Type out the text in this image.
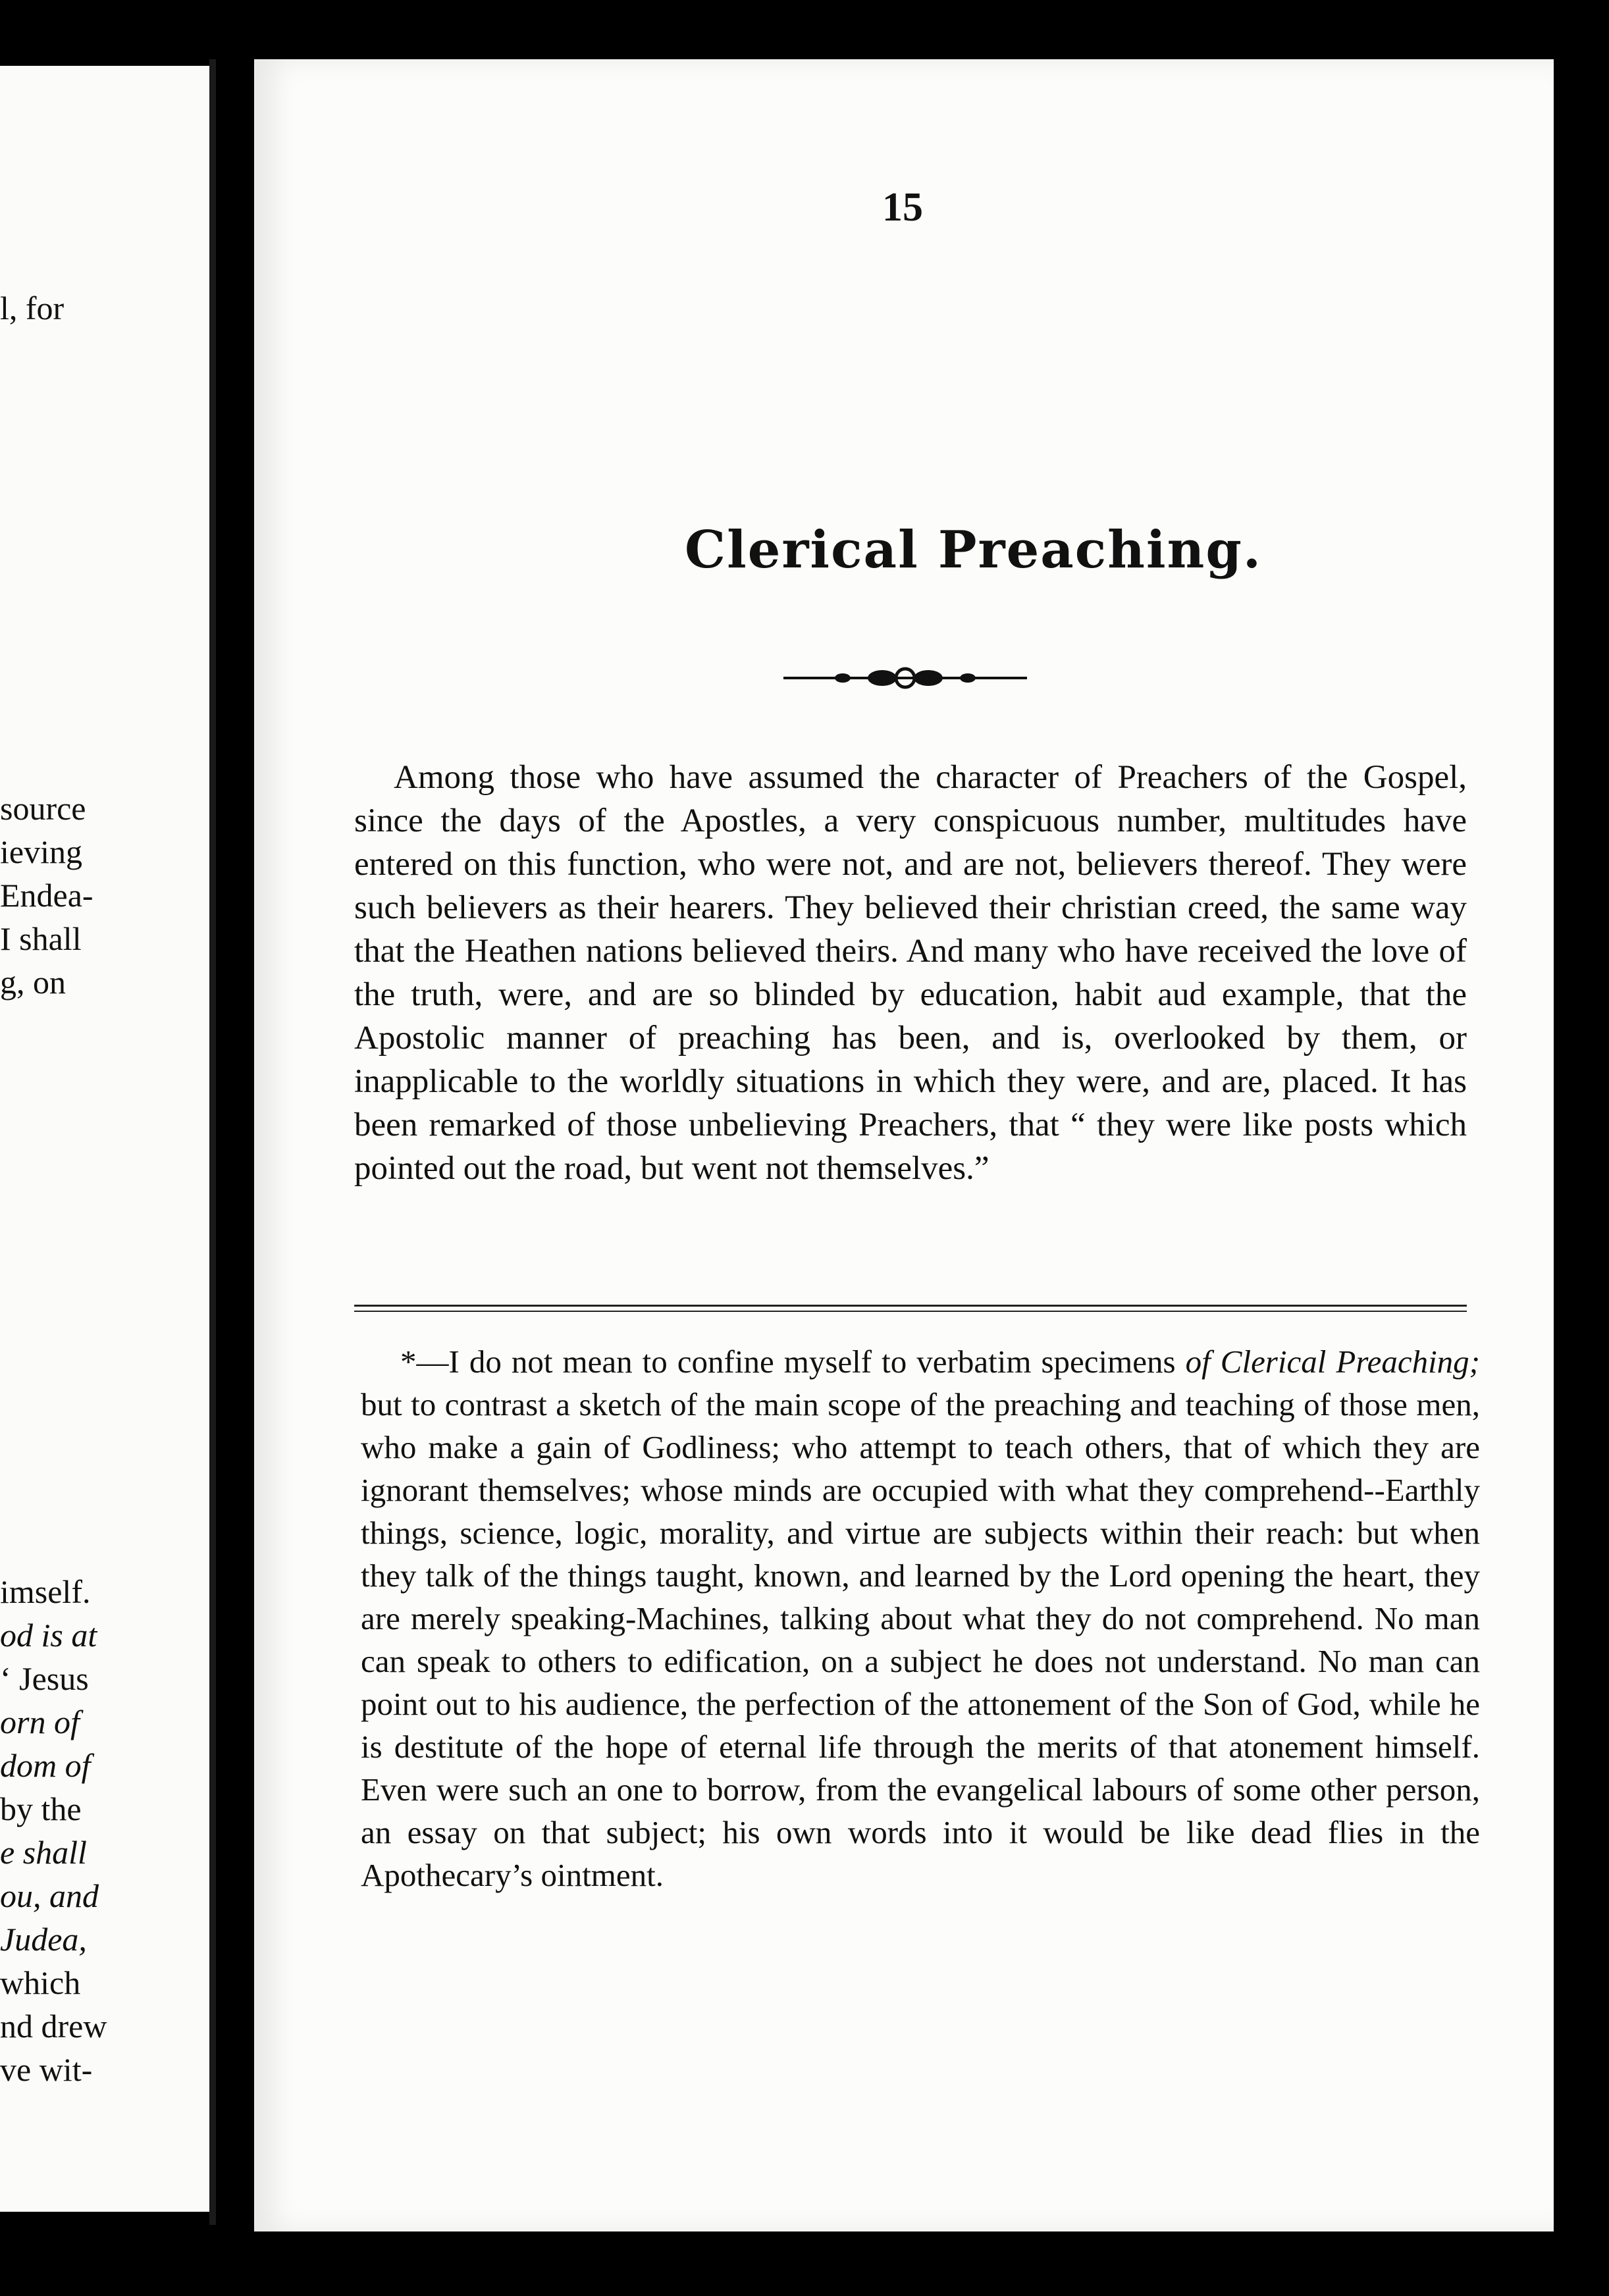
l, for
source
ieving
Endea-
I shall
g, on
imself.
od is at
‘ Jesus
orn of
dom of
by the
e shall
ou, and
Judea,
which
nd drew
ve wit-
15
Clerical Preaching.
Among those who have assumed the character of Preachers of the Gospel, since the days of the Apostles, a very conspicuous number, multitudes have entered on this function, who were not, and are not, believers thereof. They were such believers as their hearers. They believed their christian creed, the same way that the Heathen nations believed theirs. And many who have received the love of the truth, were, and are so blinded by education, habit aud example, that the Apostolic manner of preaching has been, and is, overlooked by them, or inapplicable to the worldly situations in which they were, and are, placed. It has been remarked of those unbelieving Preachers, that “ they were like posts which pointed out the road, but went not themselves.”
*—I do not mean to confine myself to verbatim specimens of Clerical Preaching; but to contrast a sketch of the main scope of the preaching and teaching of those men, who make a gain of Godliness; who attempt to teach others, that of which they are ignorant themselves; whose minds are occupied with what they comprehend--Earthly things, science, logic, morality, and virtue are subjects within their reach: but when they talk of the things taught, known, and learned by the Lord opening the heart, they are merely speaking-Machines, talking about what they do not comprehend. No man can speak to others to edification, on a subject he does not understand. No man can point out to his audience, the perfection of the attonement of the Son of God, while he is destitute of the hope of eternal life through the merits of that atonement himself. Even were such an one to borrow, from the evangelical labours of some other person, an essay on that subject; his own words into it would be like dead flies in the Apothecary’s ointment.
